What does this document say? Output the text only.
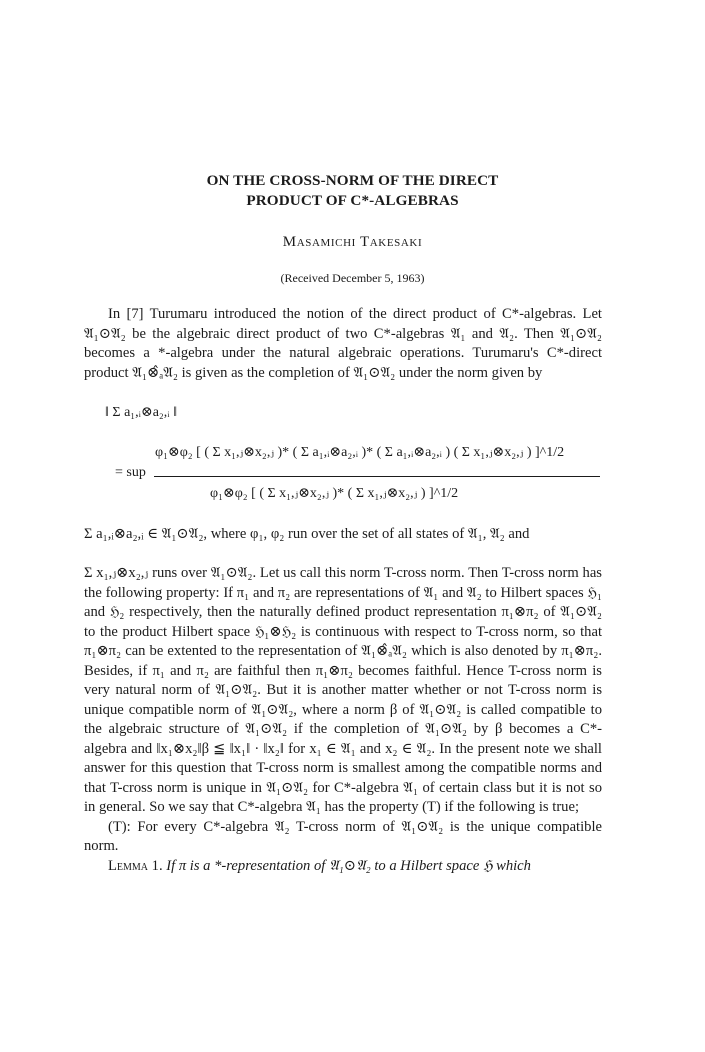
ON THE CROSS-NORM OF THE DIRECT
PRODUCT OF C*-ALGEBRAS
Masamichi Takesaki
(Received December 5, 1963)
In [7] Turumaru introduced the notion of the direct product of C*-algebras. Let 𝔄₁⊙𝔄₂ be the algebraic direct product of two C*-algebras 𝔄₁ and 𝔄₂. Then 𝔄₁⊙𝔄₂ becomes a *-algebra under the natural algebraic operations. Turumaru's C*-direct product 𝔄₁⊗̂ₐ𝔄₂ is given as the completion of 𝔄₁⊙𝔄₂ under the norm given by
‖ Σ a₁,ᵢ⊗a₂,ᵢ ‖
φ₁⊗φ₂ [ ( Σ x₁,ⱼ⊗x₂,ⱼ )* ( Σ a₁,ᵢ⊗a₂,ᵢ )* ( Σ a₁,ᵢ⊗a₂,ᵢ ) ( Σ x₁,ⱼ⊗x₂,ⱼ ) ]^1/2
= sup
φ₁⊗φ₂ [ ( Σ x₁,ⱼ⊗x₂,ⱼ )* ( Σ x₁,ⱼ⊗x₂,ⱼ ) ]^1/2
Σ a₁,ᵢ⊗a₂,ᵢ ∈ 𝔄₁⊙𝔄₂, where φ₁, φ₂ run over the set of all states of 𝔄₁, 𝔄₂ and
Σ x₁,ⱼ⊗x₂,ⱼ runs over 𝔄₁⊙𝔄₂. Let us call this norm T-cross norm. Then T-cross norm has the following property: If π₁ and π₂ are representations of 𝔄₁ and 𝔄₂ to Hilbert spaces ℌ₁ and ℌ₂ respectively, then the naturally defined product representation π₁⊗π₂ of 𝔄₁⊙𝔄₂ to the product Hilbert space ℌ₁⊗ℌ₂ is continuous with respect to T-cross norm, so that π₁⊗π₂ can be extented to the representation of 𝔄₁⊗̂ₐ𝔄₂ which is also denoted by π₁⊗π₂. Besides, if π₁ and π₂ are faithful then π₁⊗π₂ becomes faithful. Hence T-cross norm is very natural norm of 𝔄₁⊙𝔄₂. But it is another matter whether or not T-cross norm is unique compatible norm of 𝔄₁⊙𝔄₂, where a norm β of 𝔄₁⊙𝔄₂ is called compatible to the algebraic structure of 𝔄₁⊙𝔄₂ if the completion of 𝔄₁⊙𝔄₂ by β becomes a C*-algebra and ‖x₁⊗x₂‖β ≦ ‖x₁‖ · ‖x₂‖ for x₁ ∈ 𝔄₁ and x₂ ∈ 𝔄₂. In the present note we shall answer for this question that T-cross norm is smallest among the compatible norms and that T-cross norm is unique in 𝔄₁⊙𝔄₂ for C*-algebra 𝔄₁ of certain class but it is not so in general. So we say that C*-algebra 𝔄₁ has the property (T) if the following is true;
(T): For every C*-algebra 𝔄₂ T-cross norm of 𝔄₁⊙𝔄₂ is the unique compatible norm.
Lemma 1. If π is a *-representation of 𝔄₁⊙𝔄₂ to a Hilbert space ℌ which
